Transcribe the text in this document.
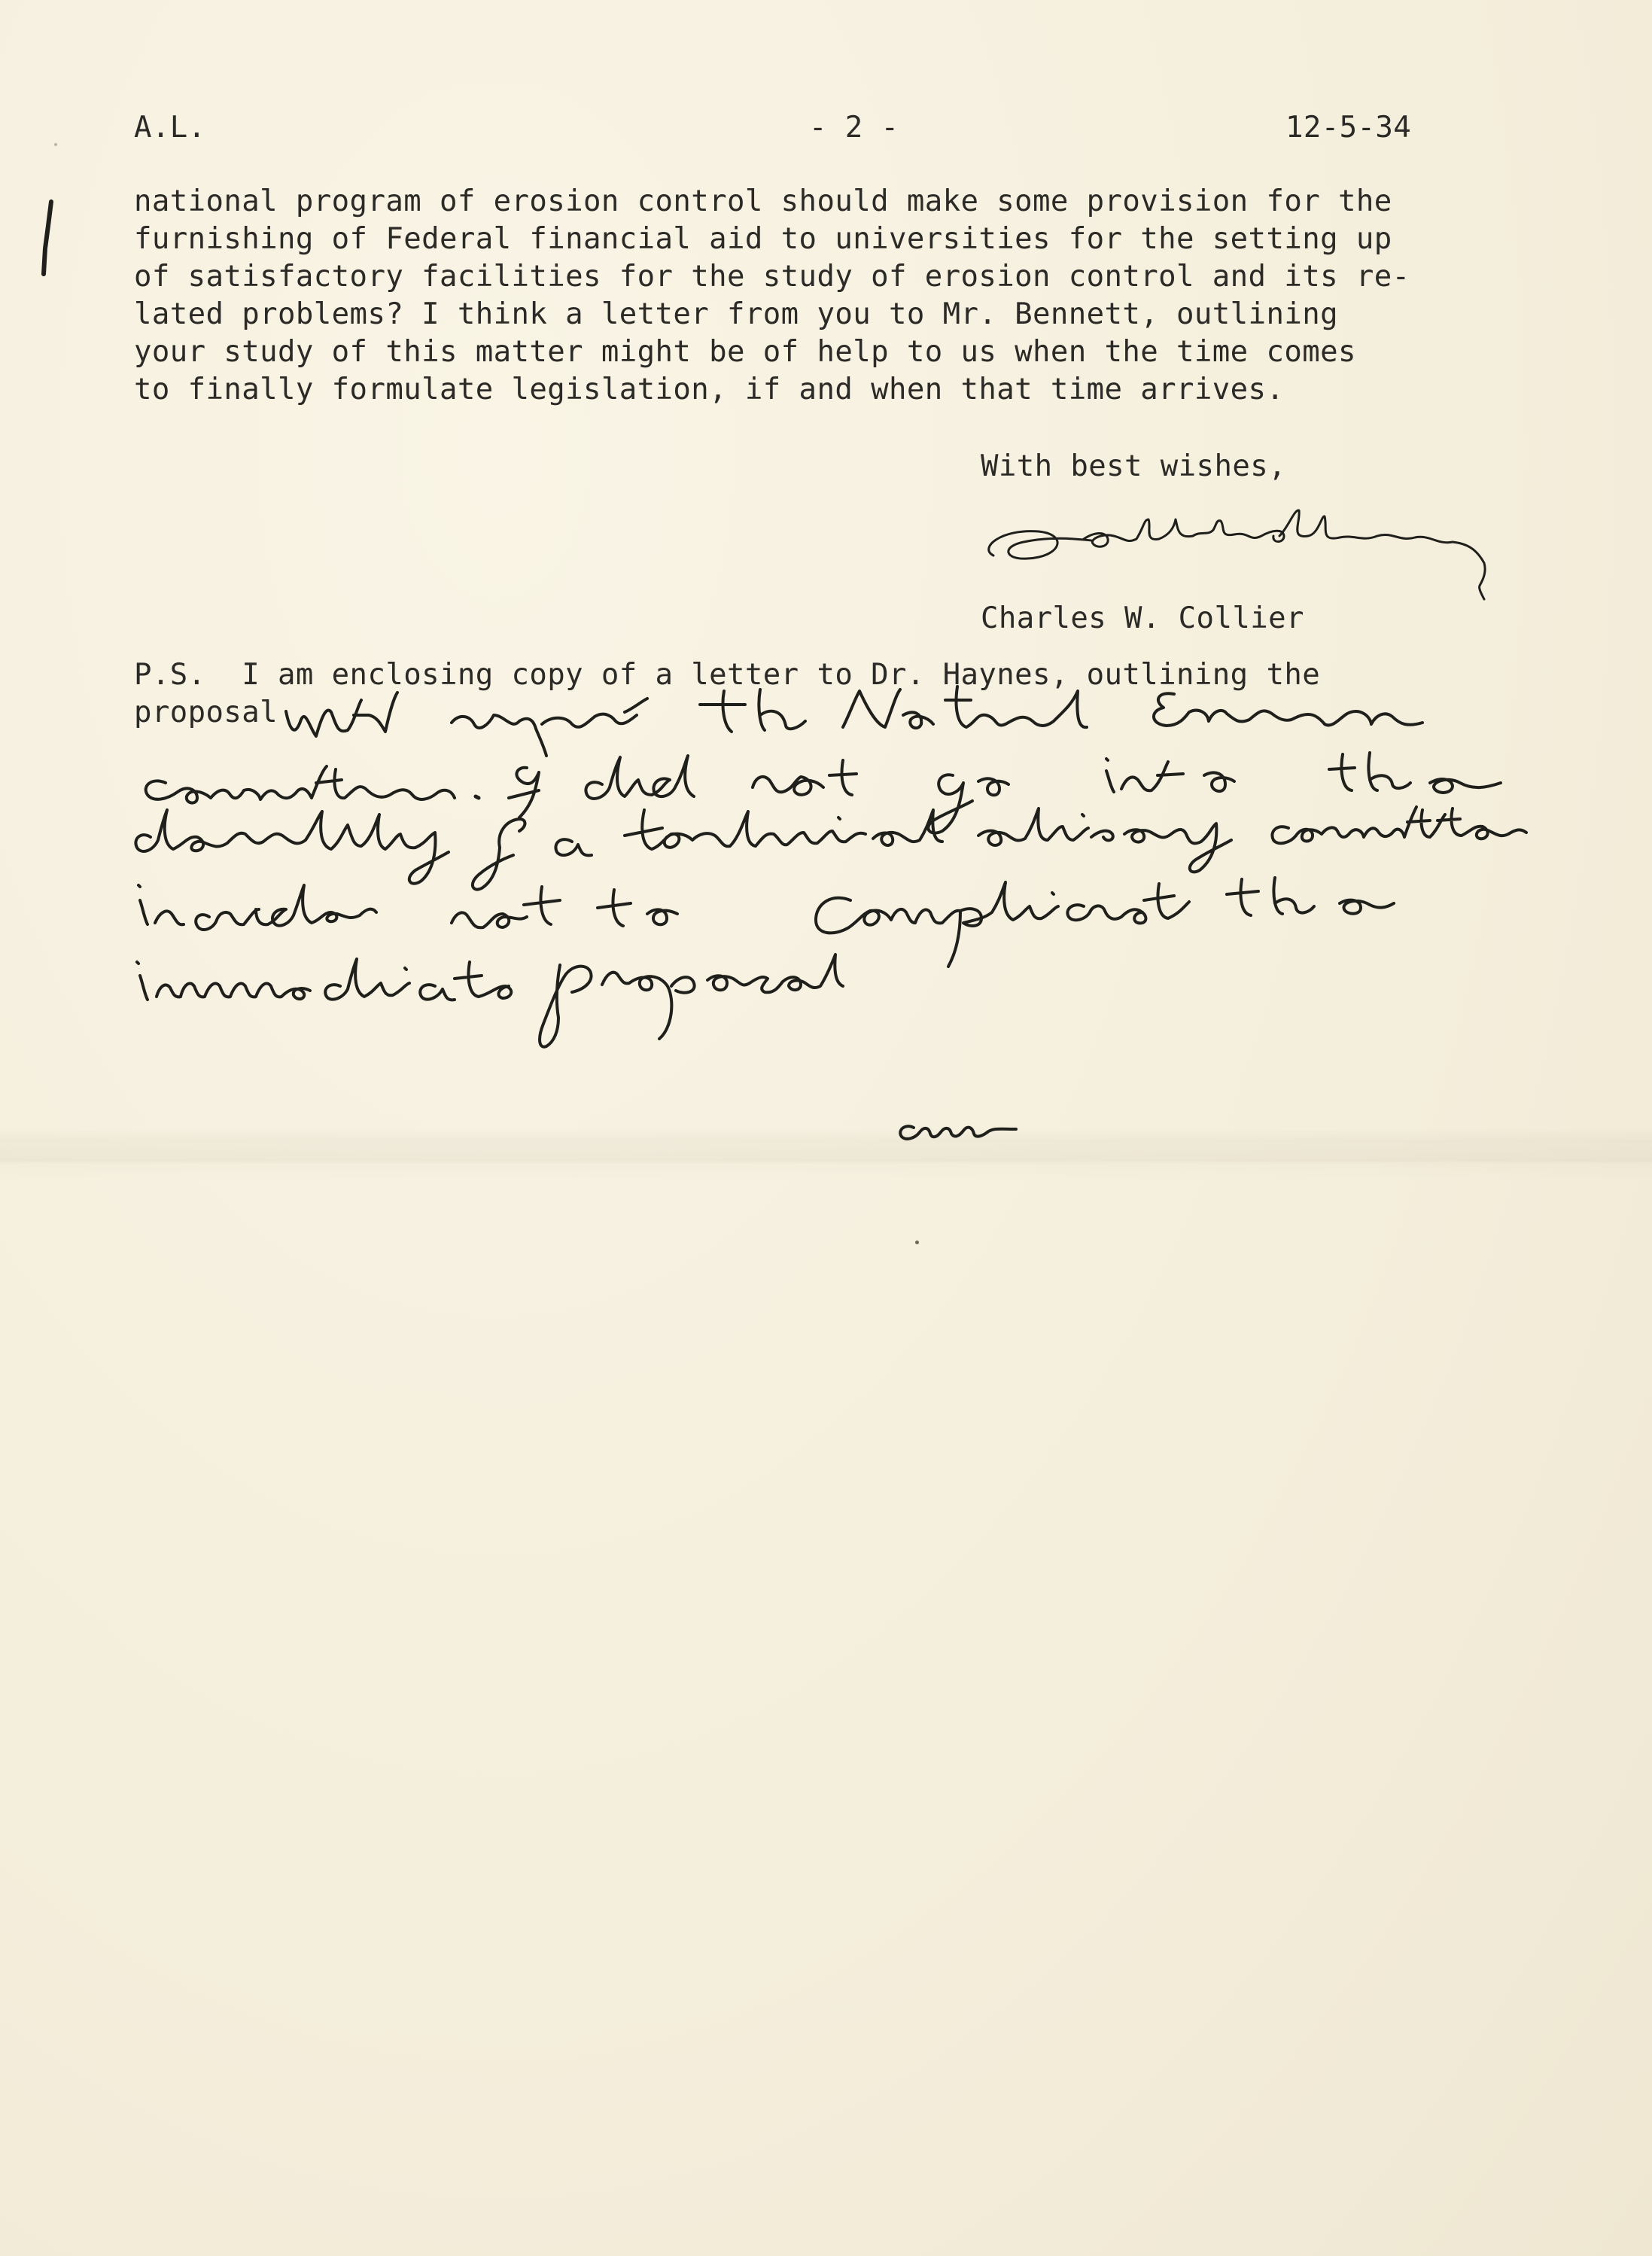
A.L.	- 2 -	12-5-34
national program of erosion control should make some provision for the
furnishing of Federal financial aid to universities for the setting up
of satisfactory facilities for the study of erosion control and its re-
lated problems? I think a letter from you to Mr. Bennett, outlining
your study of this matter might be of help to us when the time comes
to finally formulate legislation, if and when that time arrives.
With best wishes,
Charles W. Collier
P.S.  I am enclosing copy of a letter to Dr. Haynes, outlining the
proposal
